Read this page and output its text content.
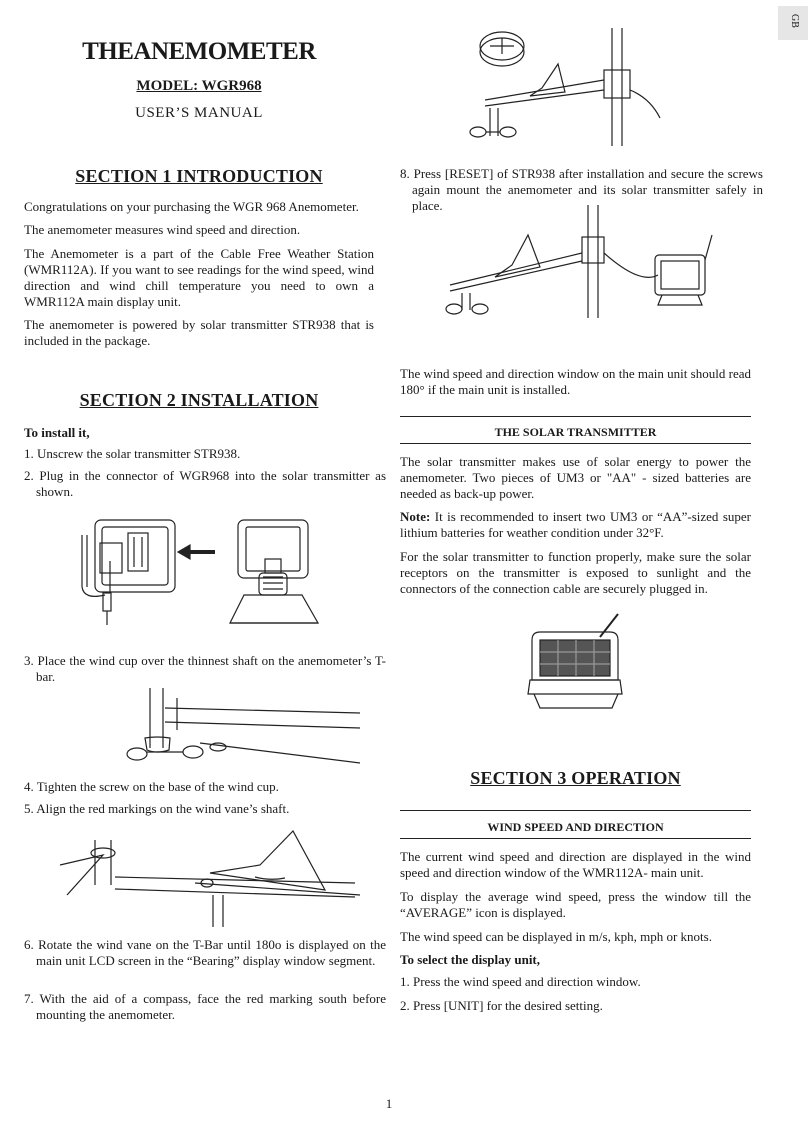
GB
THEANEMOMETER

MODEL: WGR968

USER’S MANUAL

SECTION 1 INTRODUCTION

Congratulations on your purchasing the WGR 968 Anemometer.

The anemometer measures wind speed and direction.

The Anemometer is a part of the Cable Free Weather Station (WMR112A). If you want to see readings for the wind speed, wind direction and wind chill temperature you need to own a WMR112A main display unit.

The anemometer is powered by solar transmitter STR938 that is included in the package.

SECTION 2 INSTALLATION

To install it,

1. Unscrew the solar transmitter STR938.

2. Plug in the connector of WGR968 into the solar transmitter as shown.

3. Place the wind cup over the thinnest shaft on the anemometer’s T-bar.

4. Tighten the screw on the base of the wind cup.

5. Align the red markings on the wind vane’s shaft.

6. Rotate the wind vane on the T-Bar until 180o is displayed on the main unit LCD screen in the “Bearing” display window segment.

7. With the aid of a compass, face the red marking south before mounting the anemometer.

8. Press [RESET] of STR938 after installation and secure the screws again mount the anemometer and its solar transmitter safely in place.

The wind speed and direction window on the main unit should read 180° if the main unit is installed.

THE SOLAR TRANSMITTER

The solar transmitter makes use of solar energy to power the anemometer. Two pieces of UM3 or "AA" - sized batteries are needed as back-up power.

Note: It is recommended to insert two UM3 or “AA”-sized super lithium batteries for weather condition under 32°F.

For the solar transmitter to function properly, make sure the solar receptors on the transmitter is exposed to sunlight and the connectors of the connection cable are securely plugged in.

SECTION 3 OPERATION
WIND SPEED AND DIRECTION

The current wind speed and direction are displayed in the wind speed and direction window of the WMR112A- main unit.

To display the average wind speed, press the window till the “AVERAGE” icon is displayed.

The wind speed can be displayed in m/s, kph, mph or knots.

To select the display unit,

1. Press the wind speed and direction window.

2. Press [UNIT] for the desired setting.

1
